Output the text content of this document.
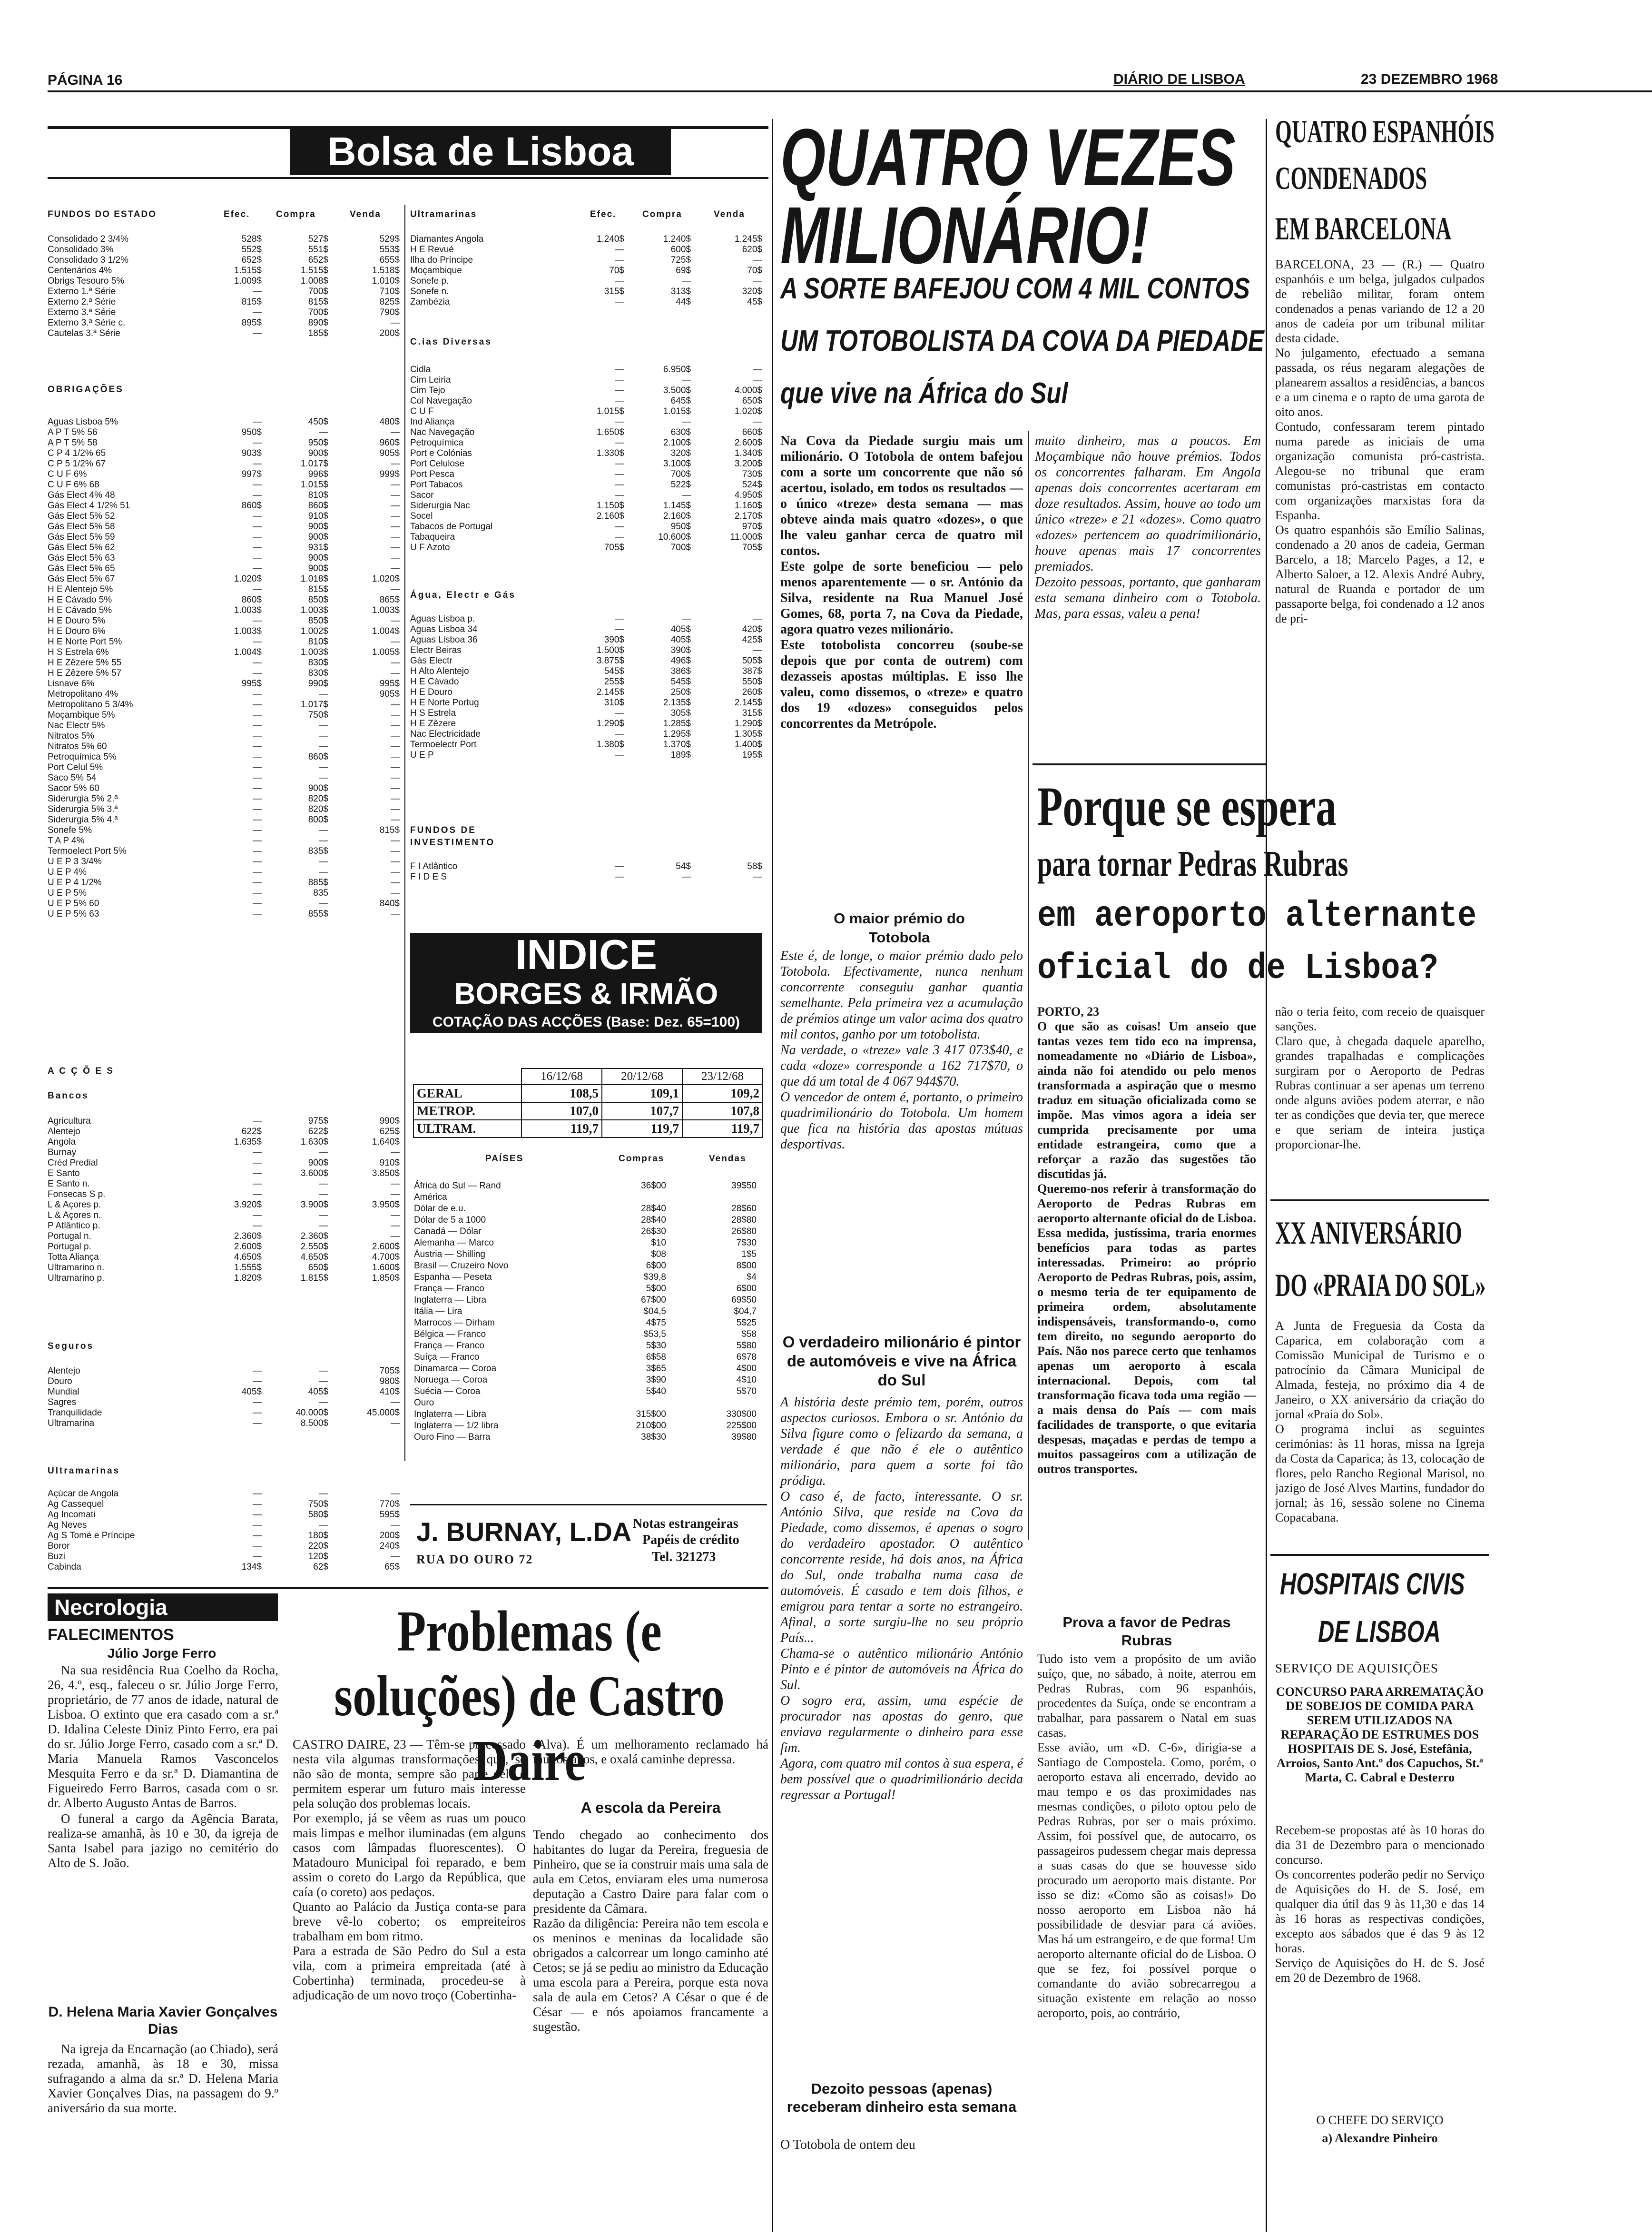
PÁGINA 16	DIÁRIO DE LISBOA	23 DEZEMBRO 1968
Bolsa de Lisboa
FUNDOS DO ESTADO	Efec.	Compra	Venda	Ultramarinas	Efec.	Compra	Venda
Consolidado 2 3/4%	528$	527$	529$
Consolidado 3%	552$	551$	553$
Consolidado 3 1/2%	652$	652$	655$
Centenários 4%	1.515$	1.515$	1.518$
Obrigs Tesouro 5%	1.009$	1.008$	1.010$
Externo 1.ª Série	—	700$	710$
Externo 2.ª Série	815$	815$	825$
Externo 3.ª Série	—	700$	790$
Externo 3.ª Série c.	895$	890$	—
Cautelas 3.ª Série	—	185$	200$
OBRIGAÇÕES
Aguas Lisboa 5%	—	450$	480$
A P T 5% 56	950$	—	—
A P T 5% 58	—	950$	960$
C P 4 1/2% 65	903$	900$	905$
C P 5 1/2% 67	—	1.017$	—
C U F 6%	997$	996$	999$
C U F 6% 68	—	1.015$	—
Gás Elect 4% 48	—	810$	—
Gás Elect 4 1/2% 51	860$	860$	—
Gás Elect 5% 52	—	910$	—
Gás Elect 5% 58	—	900$	—
Gás Elect 5% 59	—	900$	—
Gás Elect 5% 62	—	931$	—
Gás Elect 5% 63	—	900$	—
Gás Elect 5% 65	—	900$	—
Gás Elect 5% 67	1.020$	1.018$	1.020$
H E Alentejo 5%	—	815$	—
H E Cávado 5%	860$	850$	865$
H E Cávado 5%	1.003$	1.003$	1.003$
H E Douro 5%	—	850$	—
H E Douro 6%	1.003$	1.002$	1.004$
H E Norte Port 5%	—	810$	—
H S Estrela 6%	1.004$	1.003$	1.005$
H E Zêzere 5% 55	—	830$	—
H E Zêzere 5% 57	—	830$	—
Lisnave 6%	995$	990$	995$
Metropolitano 4%	—	—	905$
Metropolitano 5 3/4%	—	1.017$	—
Moçambique 5%	—	750$	—
Nac Electr 5%	—	—	—
Nitratos 5%	—	—	—
Nitratos 5% 60	—	—	—
Petroquímica 5%	—	860$	—
Port Celul 5%	—	—	—
Saco 5% 54	—	—	—
Sacor 5% 60	—	900$	—
Siderurgia 5% 2.ª	—	820$	—
Siderurgia 5% 3.ª	—	820$	—
Siderurgia 5% 4.ª	—	800$	—
Sonefe 5%	—	—	815$
T A P 4%	—	—	—
Termoelect Port 5%	—	835$	—
U E P 3 3/4%	—	—	—
U E P 4%	—	—	—
U E P 4 1/2%	—	885$	—
U E P 5%	—	835	—
U E P 5% 60	—	—	840$
U E P 5% 63	—	855$	—
A C Ç Õ E S
Bancos
Agricultura	—	975$	990$
Alentejo	622$	622$	625$
Angola	1.635$	1.630$	1.640$
Burnay	—	—	—
Créd Predial	—	900$	910$
E Santo	—	3.600$	3.850$
E Santo n.	—	—	—
Fonsecas S p.	—	—	—
L & Açores p.	3.920$	3.900$	3.950$
L & Açores n.	—	—	—
P Atlântico p.	—	—	—
Portugal n.	2.360$	2.360$	—
Portugal p.	2.600$	2.550$	2.600$
Totta Aliança	4.650$	4.650$	4.700$
Ultramarino n.	1.555$	650$	1.600$
Ultramarino p.	1.820$	1.815$	1.850$
Seguros
Alentejo	—	—	705$
Douro	—	—	980$
Mundial	405$	405$	410$
Sagres	—	—	—
Tranquilidade	—	40.000$	45.000$
Ultramarina	—	8.500$	—
Ultramarinas
Açúcar de Angola	—	—	—
Ag Cassequel	—	750$	770$
Ag Incomati	—	580$	595$
Ag Neves	—	—	—
Ag S Tomé e Príncipe	—	180$	200$
Boror	—	220$	240$
Buzi	—	120$	—
Cabinda	134$	62$	65$
Diamantes Angola	1.240$	1.240$	1.245$
H E Revué	—	600$	620$
Ilha do Príncipe	—	725$	—
Moçambique	70$	69$	70$
Sonefe p.	—	—	—
Sonefe n.	315$	313$	320$
Zambézia	—	44$	45$
C.ias Diversas
Cidla	—	6.950$	—
Cim Leiria	—	—	—
Cim Tejo	—	3.500$	4.000$
Col Navegação	—	645$	650$
C U F	1.015$	1.015$	1.020$
Ind Aliança	—	—	—
Nac Navegação	1.650$	630$	660$
Petroquímica	—	2.100$	2.600$
Port e Colónias	1.330$	320$	1.340$
Port Celulose	—	3.100$	3.200$
Port Pesca	—	700$	730$
Port Tabacos	—	522$	524$
Sacor	—	—	4.950$
Siderurgia Nac	1.150$	1.145$	1.160$
Socel	2.160$	2.160$	2.170$
Tabacos de Portugal	—	950$	970$
Tabaqueira	—	10.600$	11.000$
U F Azoto	705$	700$	705$
Água, Electr e Gás
Aguas Lisboa p.	—	—	—
Aguas Lisboa 34	—	405$	420$
Aguas Lisboa 36	390$	405$	425$
Electr Beiras	1.500$	390$	—
Gás Electr	3.875$	496$	505$
H Alto Alentejo	545$	386$	387$
H E Cávado	255$	545$	550$
H E Douro	2.145$	250$	260$
H E Norte Portug	310$	2.135$	2.145$
H S Estrela	—	305$	315$
H E Zêzere	1.290$	1.285$	1.290$
Nac Electricidade	—	1.295$	1.305$
Termoelectr Port	1.380$	1.370$	1.400$
U E P	—	189$	195$
FUNDOS DE INVESTIMENTO
F I Atlântico	—	54$	58$
F I D E S	—	—	—
INDICE
BORGES & IRMÃO
COTAÇÃO DAS ACÇÕES (Base: Dez. 65=100)
	16/12/68	20/12/68	23/12/68
GERAL	108,5	109,1	109,2
METROP.	107,0	107,7	107,8
ULTRAM.	119,7	119,7	119,7
PAÍSES	Compras	Vendas
África do Sul — Rand	36$00	39$50
América
Dólar de e.u.	28$40	28$60
Dólar de 5 a 1000	28$40	28$80
Canadá — Dólar	26$30	26$80
Alemanha — Marco	$10	7$30
Áustria — Shilling	$08	1$5
Brasil — Cruzeiro Novo	6$00	8$00
Espanha — Peseta	$39,8	$4
França — Franco	5$00	6$00
Inglaterra — Libra	67$00	69$50
Itália — Lira	$04,5	$04,7
Marrocos — Dirham	4$75	5$25
Bélgica — Franco	$53,5	$58
França — Franco	5$30	5$80
Suíça — Franco	6$58	6$78
Dinamarca — Coroa	3$65	4$00
Noruega — Coroa	3$90	4$10
Suécia — Coroa	5$40	5$70
Ouro
Inglaterra — Libra	315$00	330$00
Inglaterra — 1/2 libra	210$00	225$00
Ouro Fino — Barra	38$30	39$80
J. BURNAY, L.DA
RUA DO OURO 72
Notas estrangeiras
Papéis de crédito
Tel. 321273
Necrologia
FALECIMENTOS
Júlio Jorge Ferro

Na sua residência Rua Coelho da Rocha, 26, 4.º, esq., faleceu o sr. Júlio Jorge Ferro, proprietário, de 77 anos de idade, natural de Lisboa. O extinto que era casado com a sr.ª D. Idalina Celeste Diniz Pinto Ferro, era pai do sr. Júlio Jorge Ferro, casado com a sr.ª D. Maria Manuela Ramos Vasconcelos Mesquita Ferro e da sr.ª D. Diamantina de Figueiredo Ferro Barros, casada com o sr. dr. Alberto Augusto Antas de Barros.

O funeral a cargo da Agência Barata, realiza-se amanhã, às 10 e 30, da igreja de Santa Isabel para jazigo no cemitério do Alto de S. João.

D. Helena Maria Xavier Gonçalves Dias

Na igreja da Encarnação (ao Chiado), será rezada, amanhã, às 18 e 30, missa sufragando a alma da sr.ª D. Helena Maria Xavier Gonçalves Dias, na passagem do 9.º aniversário da sua morte.

Problemas (e soluções) de Castro Daire
CASTRO DAIRE, 23 — Têm-se processado nesta vila algumas transformações que, se não são de monta, sempre são parte dele e permitem esperar um futuro mais interesse pela solução dos problemas locais.
Por exemplo, já se vêem as ruas um pouco mais limpas e melhor iluminadas (em alguns casos com lâmpadas fluorescentes). O Matadouro Municipal foi reparado, e bem assim o coreto do Largo da República, que caía (o coreto) aos pedaços.
Quanto ao Palácio da Justiça conta-se para breve vê-lo coberto; os empreiteiros trabalham em bom ritmo.
Para a estrada de São Pedro do Sul a esta vila, com a primeira empreitada (até à Cobertinha) terminada, procedeu-se à adjudicação de um novo troço (Cobertinha-
-Alva). É um melhoramento reclamado há muitos anos, e oxalá caminhe depressa.
A escola da Pereira
Tendo chegado ao conhecimento dos habitantes do lugar da Pereira, freguesia de Pinheiro, que se ia construir mais uma sala de aula em Cetos, enviaram eles uma numerosa deputação a Castro Daire para falar com o presidente da Câmara.
Razão da diligência: Pereira não tem escola e os meninos e meninas da localidade são obrigados a calcorrear um longo caminho até Cetos; se já se pediu ao ministro da Educação uma escola para a Pereira, porque esta nova sala de aula em Cetos? A César o que é de César — e nós apoiamos francamente a sugestão.
QUATRO VEZES
MILIONÁRIO!
A SORTE BAFEJOU COM 4 MIL CONTOS
UM TOTOBOLISTA DA COVA DA PIEDADE
que vive na África do Sul
Na Cova da Piedade surgiu mais um milionário. O Totobola de ontem bafejou com a sorte um concorrente que não só acertou, isolado, em todos os resultados — o único «treze» desta semana — mas obteve ainda mais quatro «dozes», o que lhe valeu ganhar cerca de quatro mil contos.
Este golpe de sorte beneficiou — pelo menos aparentemente — o sr. António da Silva, residente na Rua Manuel José Gomes, 68, porta 7, na Cova da Piedade, agora quatro vezes milionário.
Este totobolista concorreu (soube-se depois que por conta de outrem) com dezasseis apostas múltiplas. E isso lhe valeu, como dissemos, o «treze» e quatro dos 19 «dozes» conseguidos pelos concorrentes da Metrópole.
muito dinheiro, mas a poucos. Em Moçambique não houve prémios. Todos os concorrentes falharam. Em Angola apenas dois concorrentes acertaram em doze resultados. Assim, houve ao todo um único «treze» e 21 «dozes». Como quatro «dozes» pertencem ao quadrimilionário, houve apenas mais 17 concorrentes premiados.
Dezoito pessoas, portanto, que ganharam esta semana dinheiro com o Totobola. Mas, para essas, valeu a pena!
O maior prémio do Totobola
Este é, de longe, o maior prémio dado pelo Totobola. Efectivamente, nunca nenhum concorrente conseguiu ganhar quantia semelhante. Pela primeira vez a acumulação de prémios atinge um valor acima dos quatro mil contos, ganho por um totobolista.
Na verdade, o «treze» vale 3 417 073$40, e cada «doze» corresponde a 162 717$70, o que dá um total de 4 067 944$70.
O vencedor de ontem é, portanto, o primeiro quadrimilionário do Totobola. Um homem que fica na história das apostas mútuas desportivas.
O verdadeiro milionário é pintor de automóveis e vive na África do Sul
A história deste prémio tem, porém, outros aspectos curiosos. Embora o sr. António da Silva figure como o felizardo da semana, a verdade é que não é ele o autêntico milionário, para quem a sorte foi tão pródiga.
O caso é, de facto, interessante. O sr. António Silva, que reside na Cova da Piedade, como dissemos, é apenas o sogro do verdadeiro apostador. O autêntico concorrente reside, há dois anos, na África do Sul, onde trabalha numa casa de automóveis. É casado e tem dois filhos, e emigrou para tentar a sorte no estrangeiro. Afinal, a sorte surgiu-lhe no seu próprio País...
Chama-se o autêntico milionário António Pinto e é pintor de automóveis na África do Sul.
O sogro era, assim, uma espécie de procurador nas apostas do genro, que enviava regularmente o dinheiro para esse fim.
Agora, com quatro mil contos à sua espera, é bem possível que o quadrimilionário decida regressar a Portugal!
Dezoito pessoas (apenas) receberam dinheiro esta semana
O Totobola de ontem deu
Porque se espera
para tornar Pedras Rubras
em aeroporto alternante
oficial do de Lisboa?
PORTO, 23
O que são as coisas! Um anseio que tantas vezes tem tido eco na imprensa, nomeadamente no «Diário de Lisboa», ainda não foi atendido ou pelo menos transformada a aspiração que o mesmo traduz em situação oficializada como se impõe. Mas vimos agora a ideia ser cumprida precisamente por uma entidade estrangeira, como que a reforçar a razão das sugestões tão discutidas já.
Queremo-nos referir à transformação do Aeroporto de Pedras Rubras em aeroporto alternante oficial do de Lisboa. Essa medida, justíssima, traria enormes benefícios para todas as partes interessadas. Primeiro: ao próprio Aeroporto de Pedras Rubras, pois, assim, o mesmo teria de ter equipamento de primeira ordem, absolutamente indispensáveis, transformando-o, como tem direito, no segundo aeroporto do País. Não nos parece certo que tenhamos apenas um aeroporto à escala internacional. Depois, com tal transformação ficava toda uma região — a mais densa do País — com mais facilidades de transporte, o que evitaria despesas, maçadas e perdas de tempo a muitos passageiros com a utilização de outros transportes.
Prova a favor de Pedras Rubras
Tudo isto vem a propósito de um avião suíço, que, no sábado, à noite, aterrou em Pedras Rubras, com 96 espanhóis, procedentes da Suíça, onde se encontram a trabalhar, para passarem o Natal em suas casas.
Esse avião, um «D. C-6», dirigia-se a Santiago de Compostela. Como, porém, o aeroporto estava ali encerrado, devido ao mau tempo e os das proximidades nas mesmas condições, o piloto optou pelo de Pedras Rubras, por ser o mais próximo. Assim, foi possível que, de autocarro, os passageiros pudessem chegar mais depressa a suas casas do que se houvesse sido procurado um aeroporto mais distante. Por isso se diz: «Como são as coisas!» Do nosso aeroporto em Lisboa não há possibilidade de desviar para cá aviões. Mas há um estrangeiro, e de que forma! Um aeroporto alternante oficial do de Lisboa. O que se fez, foi possível porque o comandante do avião sobrecarregou a situação existente em relação ao nosso aeroporto, pois, ao contrário,
não o teria feito, com receio de quaisquer sanções.
Claro que, à chegada daquele aparelho, grandes trapalhadas e complicações surgiram por o Aeroporto de Pedras Rubras continuar a ser apenas um terreno onde alguns aviões podem aterrar, e não ter as condições que devia ter, que merece e que seriam de inteira justiça proporcionar-lhe.
QUATRO ESPANHÓIS
CONDENADOS
EM BARCELONA
BARCELONA, 23 — (R.) — Quatro espanhóis e um belga, julgados culpados de rebelião militar, foram ontem condenados a penas variando de 12 a 20 anos de cadeia por um tribunal militar desta cidade.
No julgamento, efectuado a semana passada, os réus negaram alegações de planearem assaltos a residências, a bancos e a um cinema e o rapto de uma garota de oito anos.
Contudo, confessaram terem pintado numa parede as iniciais de uma organização comunista pró-castrista. Alegou-se no tribunal que eram comunistas pró-castristas em contacto com organizações marxistas fora da Espanha.
Os quatro espanhóis são Emílio Salinas, condenado a 20 anos de cadeia, German Barcelo, a 18; Marcelo Pages, a 12, e Alberto Saloer, a 12. Alexis André Aubry, natural de Ruanda e portador de um passaporte belga, foi condenado a 12 anos de pri-
XX ANIVERSÁRIO
DO «PRAIA DO SOL»
A Junta de Freguesia da Costa da Caparica, em colaboração com a Comissão Municipal de Turismo e o patrocínio da Câmara Municipal de Almada, festeja, no próximo dia 4 de Janeiro, o XX aniversário da criação do jornal «Praia do Sol».
O programa inclui as seguintes cerimónias: às 11 horas, missa na Igreja da Costa da Caparica; às 13, colocação de flores, pelo Rancho Regional Marisol, no jazigo de José Alves Martins, fundador do jornal; às 16, sessão solene no Cinema Copacabana.
HOSPITAIS CIVIS
DE LISBOA
SERVIÇO DE AQUISIÇÕES
CONCURSO PARA ARREMATAÇÃO DE SOBEJOS DE COMIDA PARA SEREM UTILIZADOS NA REPARAÇÃO DE ESTRUMES DOS HOSPITAIS DE S. José, Estefânia, Arroios, Santo Ant.º dos Capuchos, St.ª Marta, C. Cabral e Desterro
Recebem-se propostas até às 10 horas do dia 31 de Dezembro para o mencionado concurso.
Os concorrentes poderão pedir no Serviço de Aquisições do H. de S. José, em qualquer dia útil das 9 às 11,30 e das 14 às 16 horas as respectivas condições, excepto aos sábados que é das 9 às 12 horas.
Serviço de Aquisições do H. de S. José em 20 de Dezembro de 1968.
O CHEFE DO SERVIÇO
a) Alexandre Pinheiro
